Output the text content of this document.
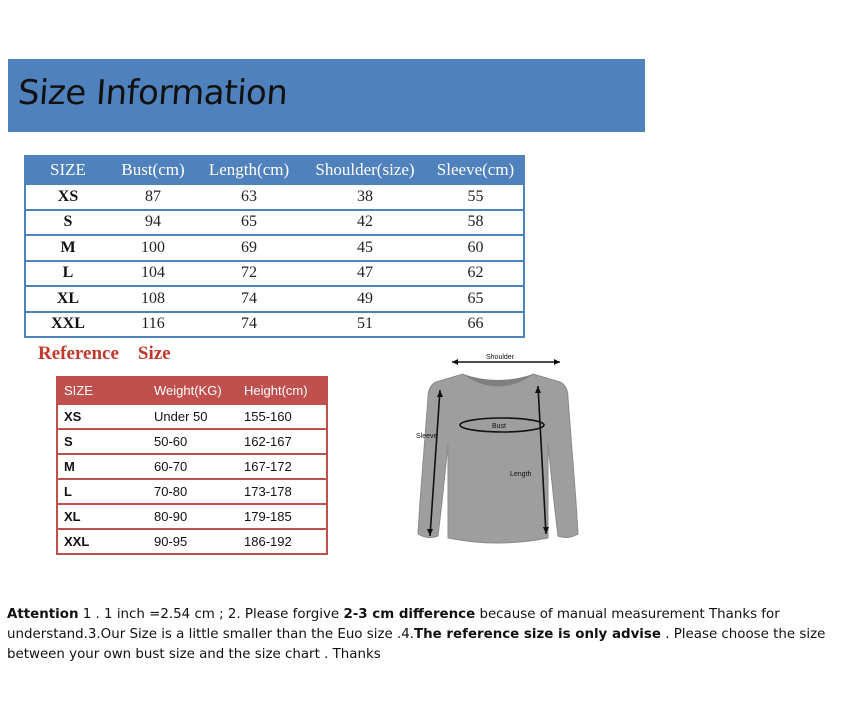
Size Information
SIZE	Bust(cm)	Length(cm)	Shoulder(size)	Sleeve(cm)
XS	87	63	38	55
S	94	65	42	58
M	100	69	45	60
L	104	72	47	62
XL	108	74	49	65
XXL	116	74	51	66
Reference    Size
SIZE	Weight(KG)	Height(cm)
XS	Under 50	155-160
S	50-60	162-167
M	60-70	167-172
L	70-80	173-178
XL	80-90	179-185
XXL	90-95	186-192
Shoulder
Bust
Sleeve
Length
Attention 1 . 1 inch =2.54 cm ; 2. Please forgive 2-3 cm difference because of manual measurement Thanks for understand.3.Our Size is a little smaller than the Euo size .4.The reference size is only advise . Please choose the size between your own bust size and the size chart . Thanks
